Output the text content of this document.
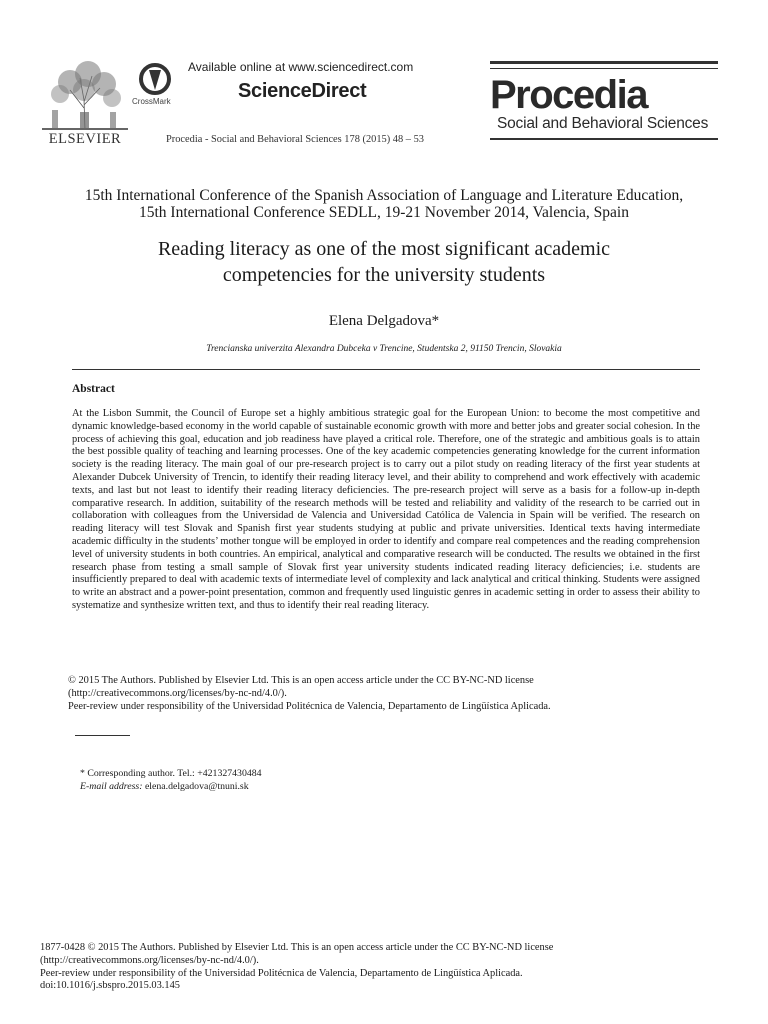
ELSEVIER
CrossMark
Available online at www.sciencedirect.com
ScienceDirect
Procedia - Social and Behavioral Sciences 178 (2015) 48 – 53
Procedia
Social and Behavioral Sciences
15th International Conference of the Spanish Association of Language and Literature Education,
15th International Conference SEDLL, 19-21 November 2014, Valencia, Spain
Reading literacy as one of the most significant academic
competencies for the university students
Elena Delgadova*
Trencianska univerzita Alexandra Dubceka v Trencine, Studentska 2, 91150 Trencin, Slovakia
Abstract
At the Lisbon Summit, the Council of Europe set a highly ambitious strategic goal for the European Union: to become the most competitive and dynamic knowledge-based economy in the world capable of sustainable economic growth with more and better jobs and greater social cohesion. In the process of achieving this goal, education and job readiness have played a critical role. Therefore, one of the strategic and ambitious goals is to attain the best possible quality of teaching and learning processes. One of the key academic competencies generating knowledge for the current information society is the reading literacy. The main goal of our pre-research project is to carry out a pilot study on reading literacy of the first year students at Alexander Dubcek University of Trencin, to identify their reading literacy level, and their ability to comprehend and work effectively with academic texts, and last but not least to identify their reading literacy deficiencies. The pre-research project will serve as a basis for a follow-up in-depth comparative research. In addition, suitability of the research methods will be tested and reliability and validity of the research to be carried out in collaboration with colleagues from the Universidad de Valencia and Universidad Católica de Valencia in Spain will be verified. The research on reading literacy will test Slovak and Spanish first year students studying at public and private universities. Identical texts having intermediate academic difficulty in the students’ mother tongue will be employed in order to identify and compare real competences and the reading comprehension level of university students in both countries. An empirical, analytical and comparative research will be conducted. The results we obtained in the first research phase from testing a small sample of Slovak first year university students indicated reading literacy deficiencies; i.e. students are insufficiently prepared to deal with academic texts of intermediate level of complexity and lack analytical and critical thinking. Students were assigned to write an abstract and a power-point presentation, common and frequently used linguistic genres in academic setting in order to assess their ability to systematize and synthesize written text, and thus to identify their real reading literacy.
© 2015 The Authors. Published by Elsevier Ltd. This is an open access article under the CC BY-NC-ND license
(http://creativecommons.org/licenses/by-nc-nd/4.0/).
Peer-review under responsibility of the Universidad Politécnica de Valencia, Departamento de Lingüística Aplicada.
* Corresponding author. Tel.: +421327430484
E-mail address: elena.delgadova@tnuni.sk
1877-0428 © 2015 The Authors. Published by Elsevier Ltd. This is an open access article under the CC BY-NC-ND license
(http://creativecommons.org/licenses/by-nc-nd/4.0/).
Peer-review under responsibility of the Universidad Politécnica de Valencia, Departamento de Lingüística Aplicada.
doi:10.1016/j.sbspro.2015.03.145
